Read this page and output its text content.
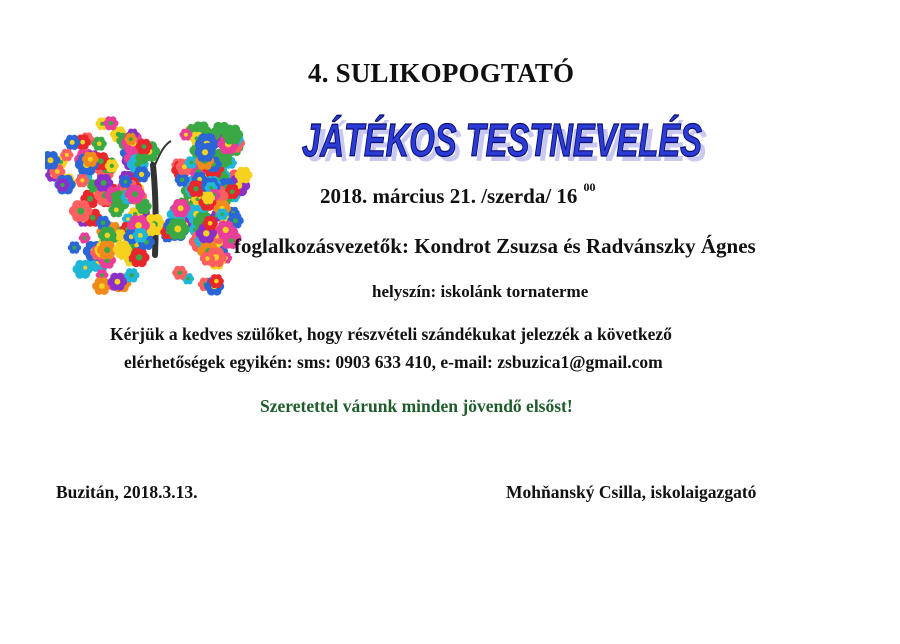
4. SULIKOPOGTATÓ
JÁTÉKOS TESTNEVELÉS
JÁTÉKOS TESTNEVELÉS
2018. március 21. /szerda/ 16 $^{00}$
foglalkozásvezetők: Kondrot Zsuzsa és Radvánszky Ágnes
helyszín: iskolánk tornaterme
Kérjük a kedves szülőket, hogy részvételi szándékukat jelezzék a következő
elérhetőségek egyikén: sms: 0903 633 410, e-mail: zsbuzica1@gmail.com
Szeretettel várunk minden jövendő elsőst!
Buzitán, 2018.3.13.	Mohňanský Csilla, iskolaigazgató
